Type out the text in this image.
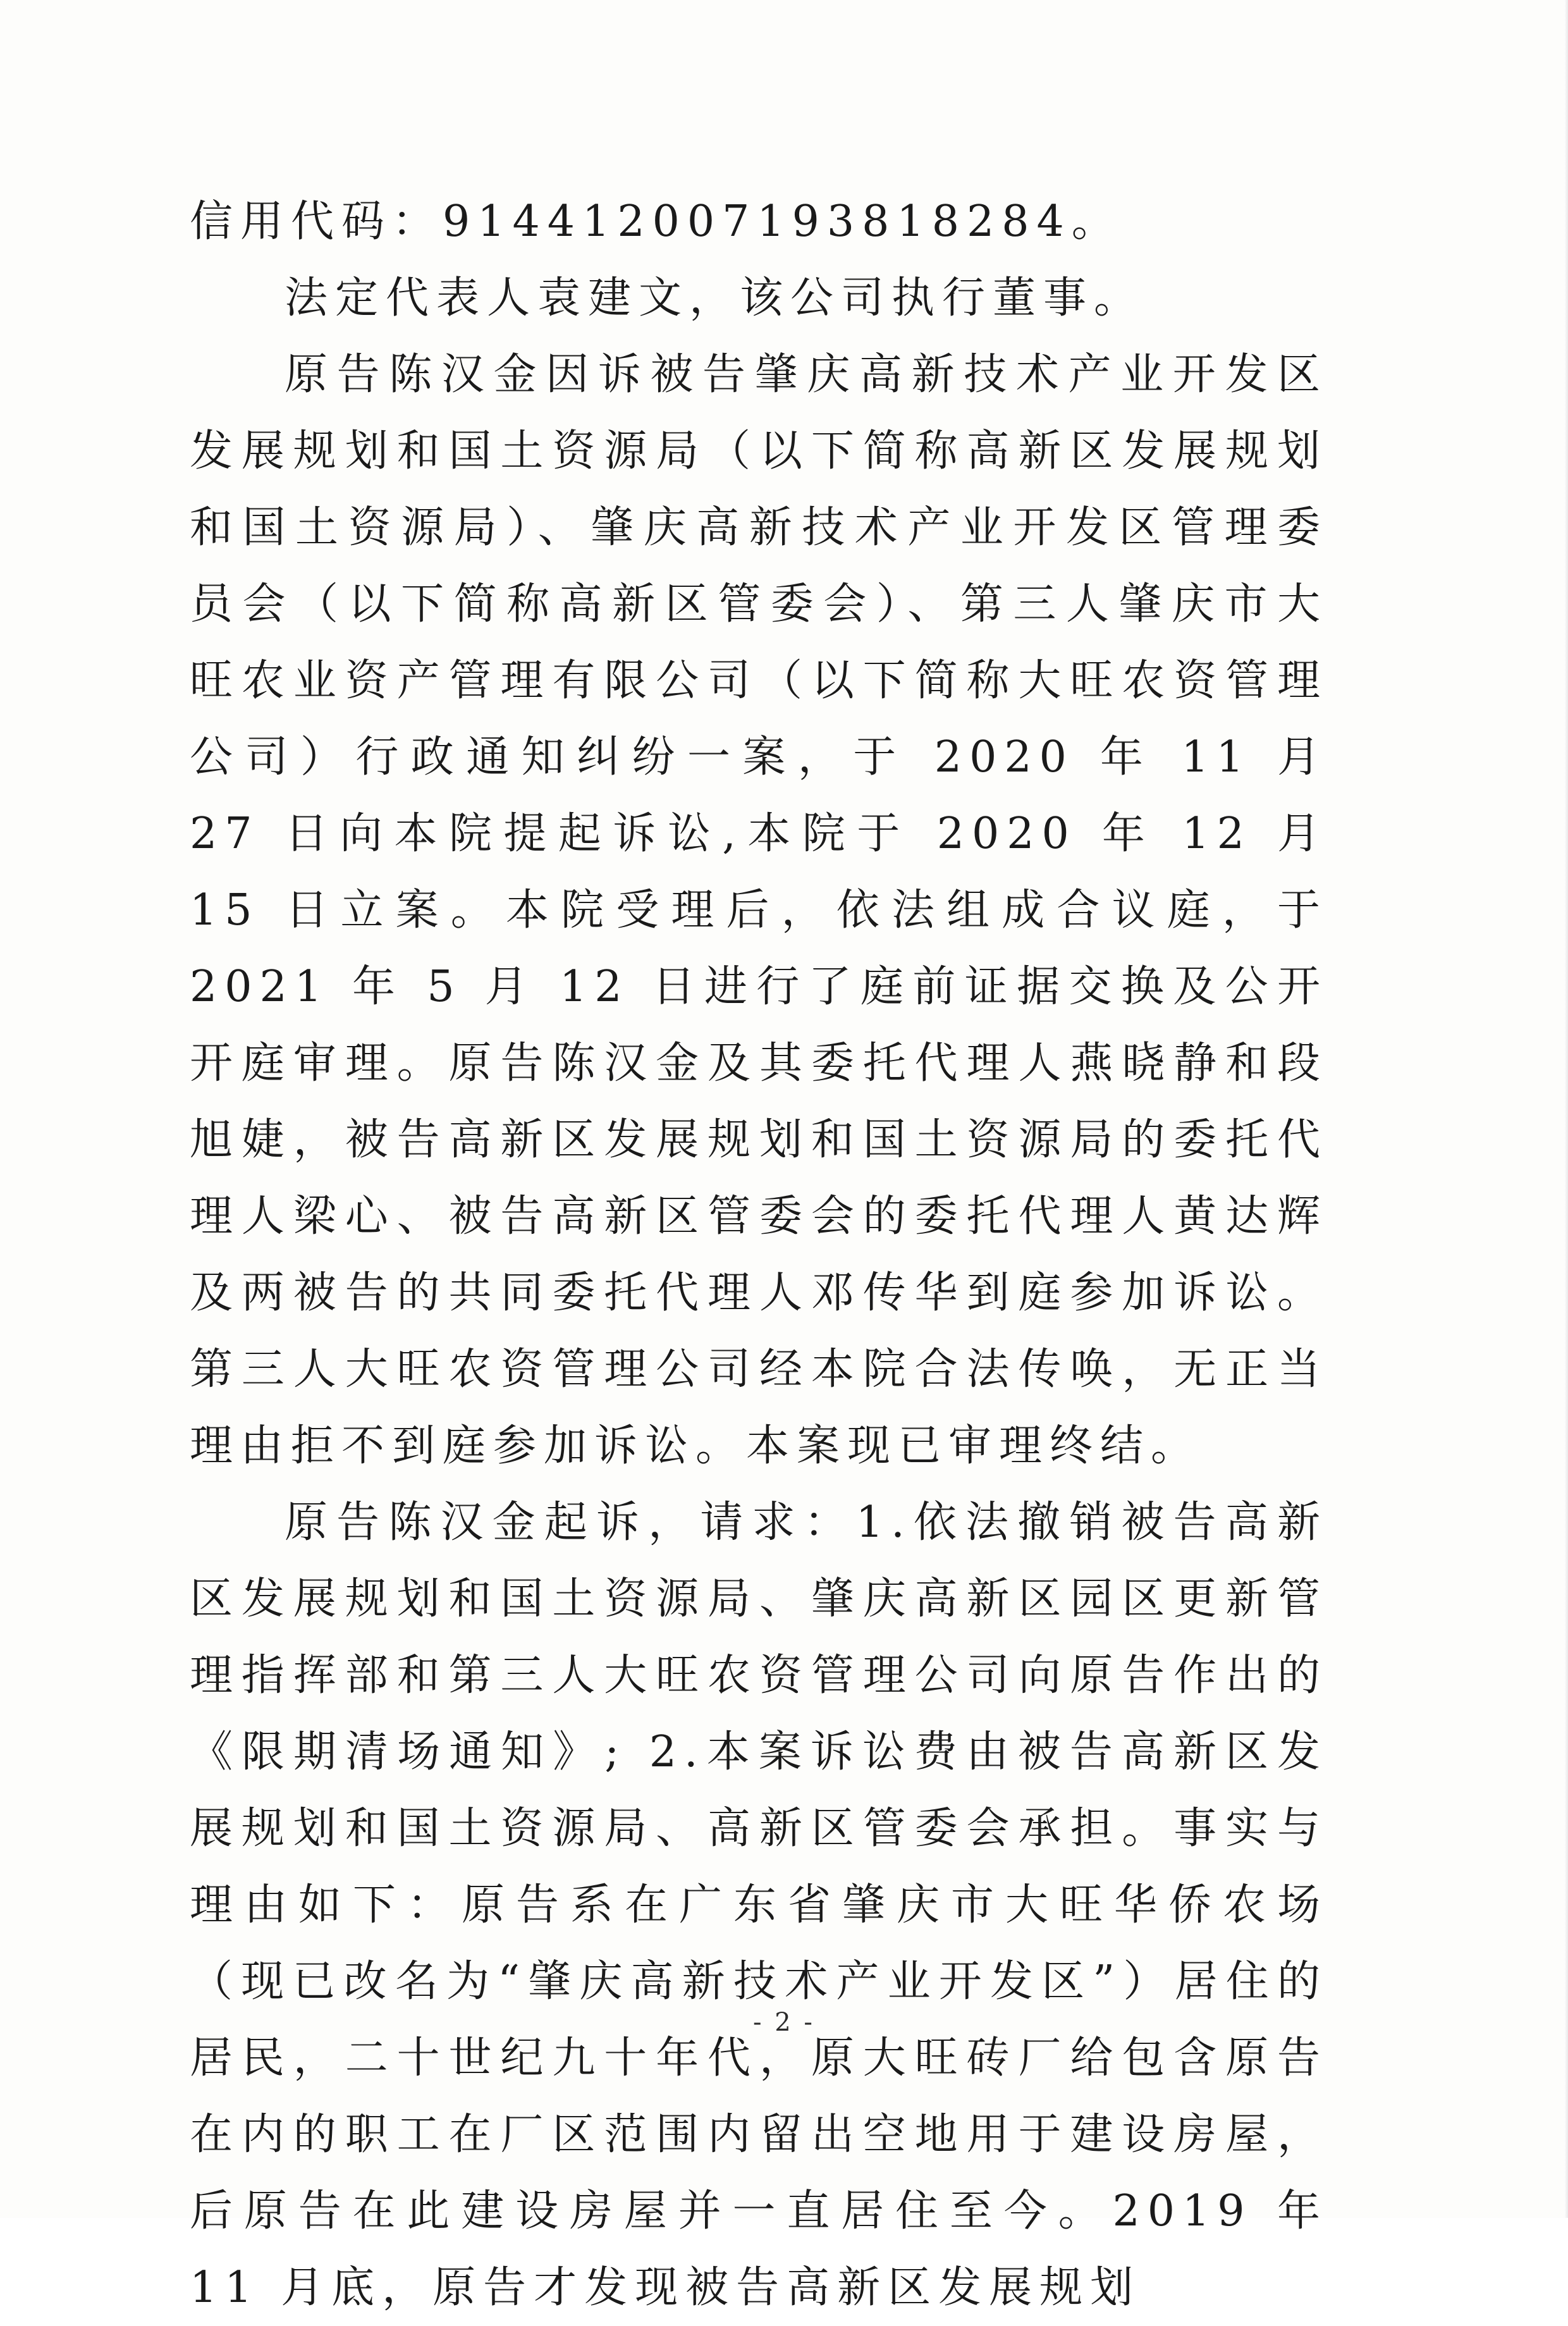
信用代码：91441200719381828​4。

法定代表人袁建文，该公司执行董事。

原告陈汉金因诉被告肇庆高新技术产业开发区发展规划和国土资源局（以下简称高新区发展规划和国土资源局）、肇庆高新技术产业开发区管理委员会（以下简称高新区管委会）、第三人肇庆市大旺农业资产管理有限公司（以下简称大旺农资管理公司）行政通知纠纷一案，于 2020 年 11 月 27 日向本院提起诉讼,本院于 2020 年 12 月 15 日立案。本院受理后，依法组成合议庭，于 2021 年 5 月 12 日进行了庭前证据交换及公开开庭审理。原告陈汉金及其委托代理人燕晓静和段旭婕，被告高新区发展规划和国土资源局的委托代理人梁心、被告高新区管委会的委托代理人黄达辉及两被告的共同委托代理人邓传华到庭参加诉讼。第三人大旺农资管理公司经本院合法传唤，无正当理由拒不到庭参加诉讼。本案现已审理终结。

原告陈汉金起诉，请求：1.依法撤销被告高新区发展规划和国土资源局、肇庆高新区园区更新管理指挥部和第三人大旺农资管理公司向原告作出的《限期清场通知》; 2.本案诉讼费由被告高新区发展规划和国土资源局、高新区管委会承担。事实与理由如下：原告系在广东省肇庆市大旺华侨农场（现已改名为“肇庆高新技术产业开发区”）居住的居民，二十世纪九十年代，原大旺砖厂给包含原告在内的职工在厂区范围内留出空地用于建设房屋，后原告在此建设房屋并一直居住至今。2019 年 11 月底，原告才发现被告高新区发展规划

- 2 -
